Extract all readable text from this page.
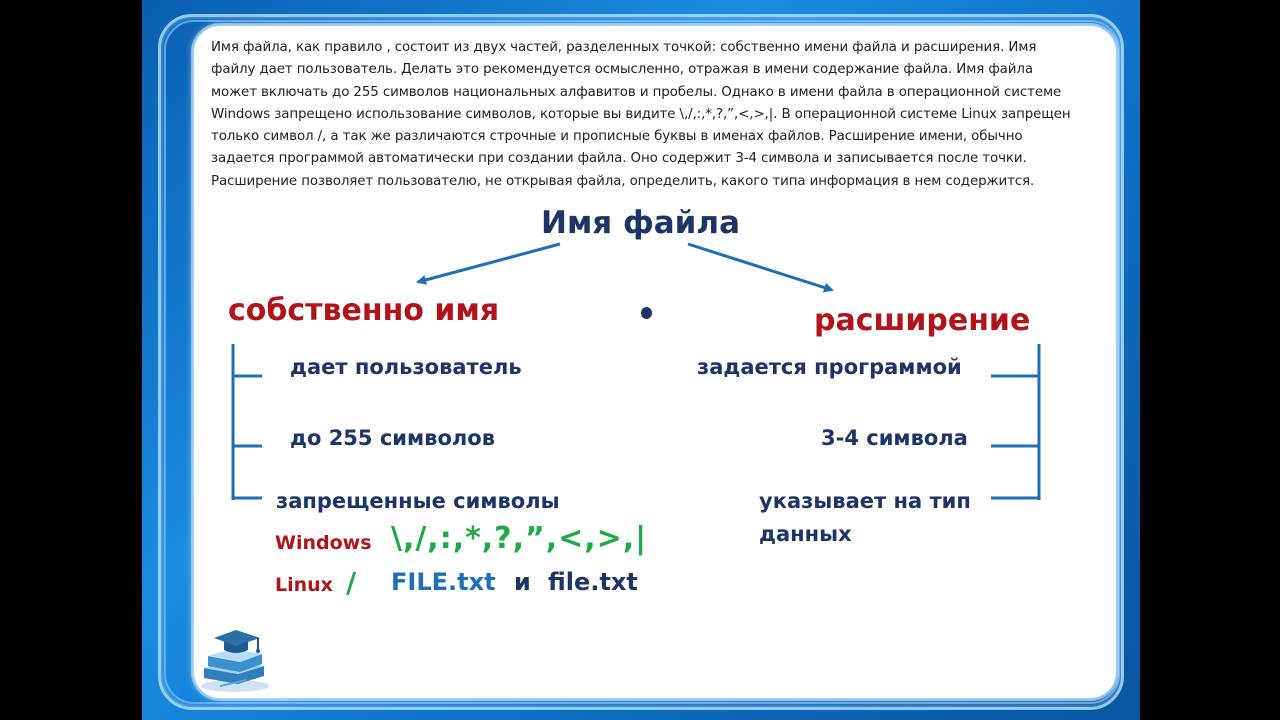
Имя файла, как правило , состоит из двух частей, разделенных точкой: собственно имени файла и расширения. Имя файлу дает пользователь. Делать это рекомендуется осмысленно, отражая в имени содержание файла. Имя файла может включать до 255 символов национальных алфавитов и пробелы. Однако в имени файла в операционной системе Windows запрещено использование символов, которые вы видите \,/,:,*,?,”,<,>,|. В операционной системе Linux запрещен только символ /, а так же различаются строчные и прописные буквы в именах файлов. Расширение имени, обычно задается программой автоматически при создании файла. Оно содержит 3-4 символа и записывается после точки. Расширение позволяет пользователю, не открывая файла, определить, какого типа информация в нем содержится.
Имя файла
собственно имя	расширение
дает пользователь
до 255 символов
запрещенные символы
задается программой
3-4 символа
указывает на тип
данных
Windows \,/,:,*,?,”,<,>,|
Linux / FILE.txt и file.txt
